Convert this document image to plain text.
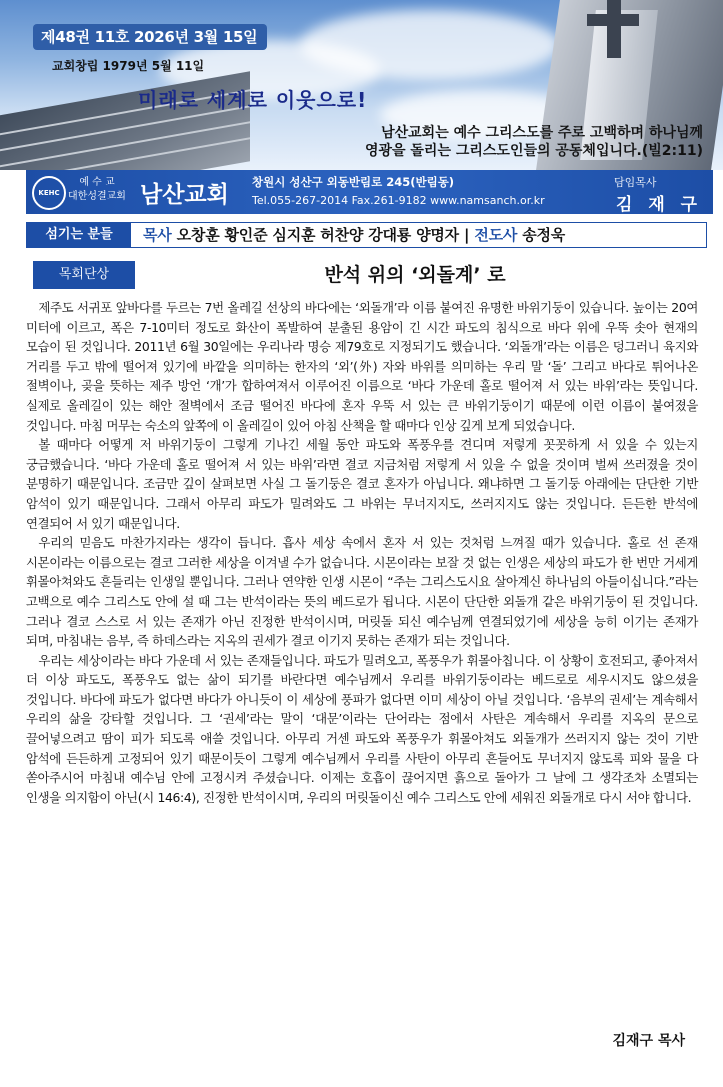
제48권 11호 2026년 3월 15일
교회창립 1979년 5월 11일
미래로 세계로 이웃으로!
남산교회는 예수 그리스도를 주로 고백하며 하나님께
영광을 돌리는 그리스도인들의 공동체입니다.(빌2:11)
KEHC
예 수 교
대한성결교회 남산교회 창원시 성산구 외동반림로 245(반림동)
Tel.055-267-2014 Fax.261-9182 www.namsanch.or.kr
담임목사
김 재 구
섬기는 분들	목사 오창훈 황인준 심지훈 허찬양 강대룡 양명자 | 전도사 송정욱
목회단상	반석 위의 ‘외돌계’ 로

제주도 서귀포 앞바다를 두르는 7번 올레길 선상의 바다에는 ‘외돌개’라 이름 붙여진 유명한 바위기둥이 있습니다. 높이는 20여 미터에 이르고, 폭은 7-10미터 정도로 화산이 폭발하여 분출된 용암이 긴 시간 파도의 침식으로 바다 위에 우뚝 솟아 현재의 모습이 된 것입니다. 2011년 6월 30일에는 우리나라 명승 제79호로 지정되기도 했습니다. ‘외돌개’라는 이름은 덩그러니 육지와 거리를 두고 밖에 떨어져 있기에 바깥을 의미하는 한자의 ‘외’(外) 자와 바위를 의미하는 우리 말 ‘돌’ 그리고 바다로 튀어나온 절벽이나, 곶을 뜻하는 제주 방언 ‘개’가 합하여져서 이루어진 이름으로 ‘바다 가운데 홀로 떨어져 서 있는 바위’라는 뜻입니다. 실제로 올레길이 있는 해안 절벽에서 조금 떨어진 바다에 혼자 우뚝 서 있는 큰 바위기둥이기 때문에 이런 이름이 붙여졌을 것입니다. 마침 머무는 숙소의 앞쪽에 이 올레길이 있어 아침 산책을 할 때마다 인상 깊게 보게 되었습니다.

볼 때마다 어떻게 저 바위기둥이 그렇게 기나긴 세월 동안 파도와 폭풍우를 견디며 저렇게 꼿꼿하게 서 있을 수 있는지 궁금했습니다. ‘바다 가운데 홀로 떨어져 서 있는 바위’라면 결코 지금처럼 저렇게 서 있을 수 없을 것이며 벌써 쓰러졌을 것이 분명하기 때문입니다. 조금만 깊이 살펴보면 사실 그 돌기둥은 결코 혼자가 아닙니다. 왜냐하면 그 돌기둥 아래에는 단단한 기반 암석이 있기 때문입니다. 그래서 아무리 파도가 밀려와도 그 바위는 무너지지도, 쓰러지지도 않는 것입니다. 든든한 반석에 연결되어 서 있기 때문입니다.

우리의 믿음도 마찬가지라는 생각이 듭니다. 흡사 세상 속에서 혼자 서 있는 것처럼 느껴질 때가 있습니다. 홀로 선 존재 시몬이라는 이름으로는 결코 그러한 세상을 이겨낼 수가 없습니다. 시몬이라는 보잘 것 없는 인생은 세상의 파도가 한 번만 거세게 휘몰아쳐와도 흔들리는 인생일 뿐입니다. 그러나 연약한 인생 시몬이 “주는 그리스도시요 살아계신 하나님의 아들이십니다.”라는 고백으로 예수 그리스도 안에 설 때 그는 반석이라는 뜻의 베드로가 됩니다. 시몬이 단단한 외돌개 같은 바위기둥이 된 것입니다. 그러나 결코 스스로 서 있는 존재가 아닌 진정한 반석이시며, 머릿돌 되신 예수님께 연결되었기에 세상을 능히 이기는 존재가 되며, 마침내는 음부, 즉 하데스라는 지옥의 권세가 결코 이기지 못하는 존재가 되는 것입니다.

우리는 세상이라는 바다 가운데 서 있는 존재들입니다. 파도가 밀려오고, 폭풍우가 휘몰아칩니다. 이 상황이 호전되고, 좋아져서 더 이상 파도도, 폭풍우도 없는 삶이 되기를 바란다면 예수님께서 우리를 바위기둥이라는 베드로로 세우시지도 않으셨을 것입니다. 바다에 파도가 없다면 바다가 아니듯이 이 세상에 풍파가 없다면 이미 세상이 아닐 것입니다. ‘음부의 권세’는 계속해서 우리의 삶을 강타할 것입니다. 그 ‘권세’라는 말이 ‘대문’이라는 단어라는 점에서 사탄은 계속해서 우리를 지옥의 문으로 끌어넣으려고 땀이 피가 되도록 애쓸 것입니다. 아무리 거센 파도와 폭풍우가 휘몰아쳐도 외돌개가 쓰러지지 않는 것이 기반 암석에 든든하게 고정되어 있기 때문이듯이 그렇게 예수님께서 우리를 사탄이 아무리 흔들어도 무너지지 않도록 피와 물을 다 쏟아주시어 마침내 예수님 안에 고정시켜 주셨습니다. 이제는 호흡이 끊어지면 흙으로 돌아가 그 날에 그 생각조차 소멸되는 인생을 의지함이 아닌(시 146:4), 진정한 반석이시며, 우리의 머릿돌이신 예수 그리스도 안에 세워진 외돌개로 다시 서야 합니다.

김재구 목사
